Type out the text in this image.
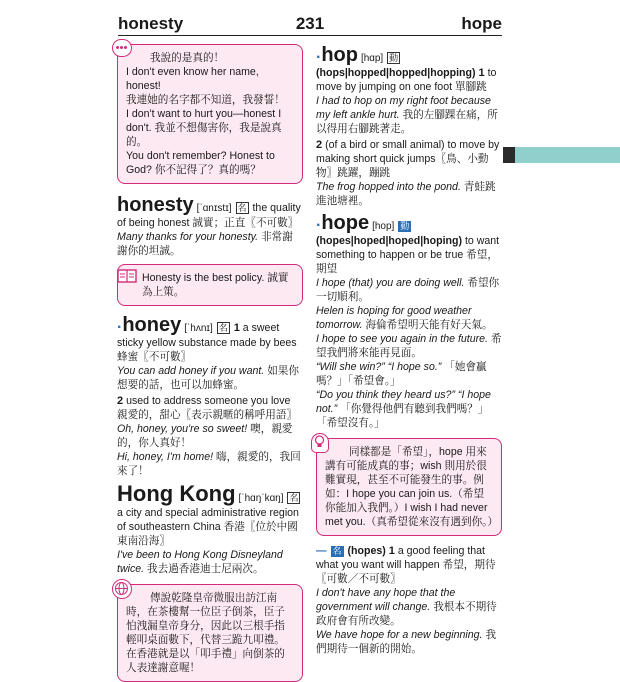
honesty	231	hope

我說的是真的！

I don't even know her name, honest!

我連她的名字都不知道，我發誓！

I don't want to hurt you—honest I don't. 我並不想傷害你，我是說真的。

You don't remember? Honest to God? 你不記得了？真的嗎？

honesty [ˈɑnɪstɪ] 名 the quality of being honest 誠實；正直〖不可數〗
Many thanks for your honesty. 非常謝謝你的坦誠。

Honesty is the best policy. 誠實為上策。

·honey [ˈhʌnɪ] 名 1 a sweet sticky yellow substance made by bees 蜂蜜〖不可數〗
You can add honey if you want. 如果你想要的話，也可以加蜂蜜。
2 used to address someone you love 親愛的，甜心〖表示親暱的稱呼用語〗
Oh, honey, you're so sweet! 噢，親愛的，你人真好！
Hi, honey, I'm home! 嗨，親愛的，我回來了！
Hong Kong [ˈhɑŋˈkɑŋ] 名 a city and special administrative region of southeastern China 香港〖位於中國東南沿海〗
I've been to Hong Kong Disneyland twice. 我去過香港迪士尼兩次。

傳說乾隆皇帝微服出訪江南時，在茶樓幫一位臣子倒茶，臣子怕洩漏皇帝身分，因此以三根手指輕叩桌面數下，代替三跪九叩禮。在香港就是以「叩手禮」向倒茶的人表達謝意喔！

·hop [hɑp] 動 (hops|hopped|hopped|hopping) 1 to move by jumping on one foot 單腳跳
I had to hop on my right foot because my left ankle hurt. 我的左腳踝在痛，所以得用右腳跳著走。
2 (of a bird or small animal) to move by making short quick jumps〖鳥、小動物〗跳躍，蹦跳
The frog hopped into the pond. 青蛙跳進池塘裡。
·hope [hop] 動 (hopes|hoped|hoped|hoping) to want something to happen or be true 希望，期望
I hope (that) you are doing well. 希望你一切順利。
Helen is hoping for good weather tomorrow. 海倫希望明天能有好天氣。
I hope to see you again in the future. 希望我們將來能再見面。
“Will she win?” “I hope so.” 「她會贏嗎？」「希望會。」
“Do you think they heard us?” “I hope not.” 「你覺得他們有聽到我們嗎？」「希望沒有。」

同樣都是「希望」，hope 用來講有可能成真的事；wish 則用於很難實現，甚至不可能發生的事。例如：I hope you can join us.（希望你能加入我們。）I wish I had never met you.（真希望從來沒有遇到你。）

— 名 (hopes) 1 a good feeling that what you want will happen 希望，期待〖可數／不可數〗
I don't have any hope that the government will change. 我根本不期待政府會有所改變。
We have hope for a new beginning. 我們期待一個新的開始。
